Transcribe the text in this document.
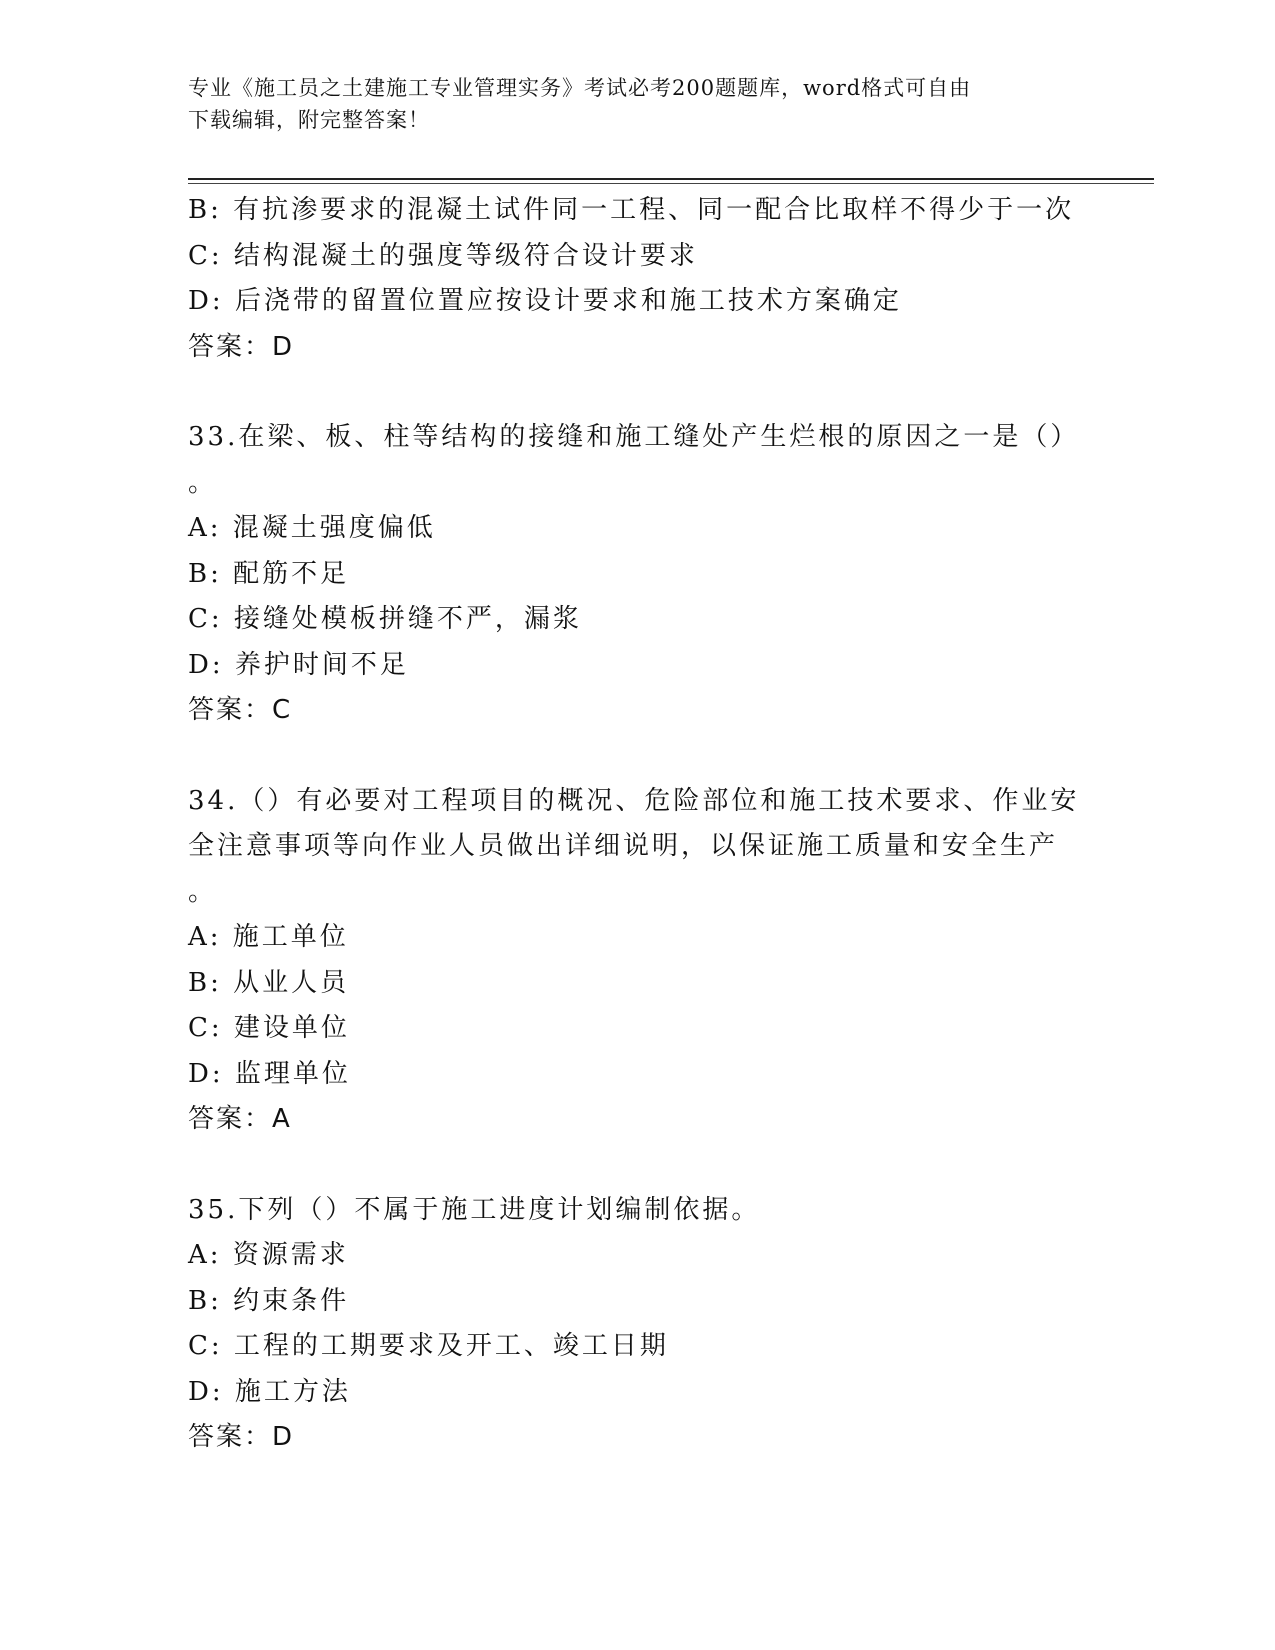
专业《施工员之土建施工专业管理实务》考试必考200题题库，word格式可自由
下载编辑，附完整答案！
B: 有抗渗要求的混凝土试件同一工程、同一配合比取样不得少于一次
C: 结构混凝土的强度等级符合设计要求
D: 后浇带的留置位置应按设计要求和施工技术方案确定
答案：D
33.在梁、板、柱等结构的接缝和施工缝处产生烂根的原因之一是（）
。
A: 混凝土强度偏低
B: 配筋不足
C: 接缝处模板拼缝不严，漏浆
D: 养护时间不足
答案：C
34.（）有必要对工程项目的概况、危险部位和施工技术要求、作业安
全注意事项等向作业人员做出详细说明，以保证施工质量和安全生产
。
A: 施工单位
B: 从业人员
C: 建设单位
D: 监理单位
答案：A
35.下列（）不属于施工进度计划编制依据。
A: 资源需求
B: 约束条件
C: 工程的工期要求及开工、竣工日期
D: 施工方法
答案：D
